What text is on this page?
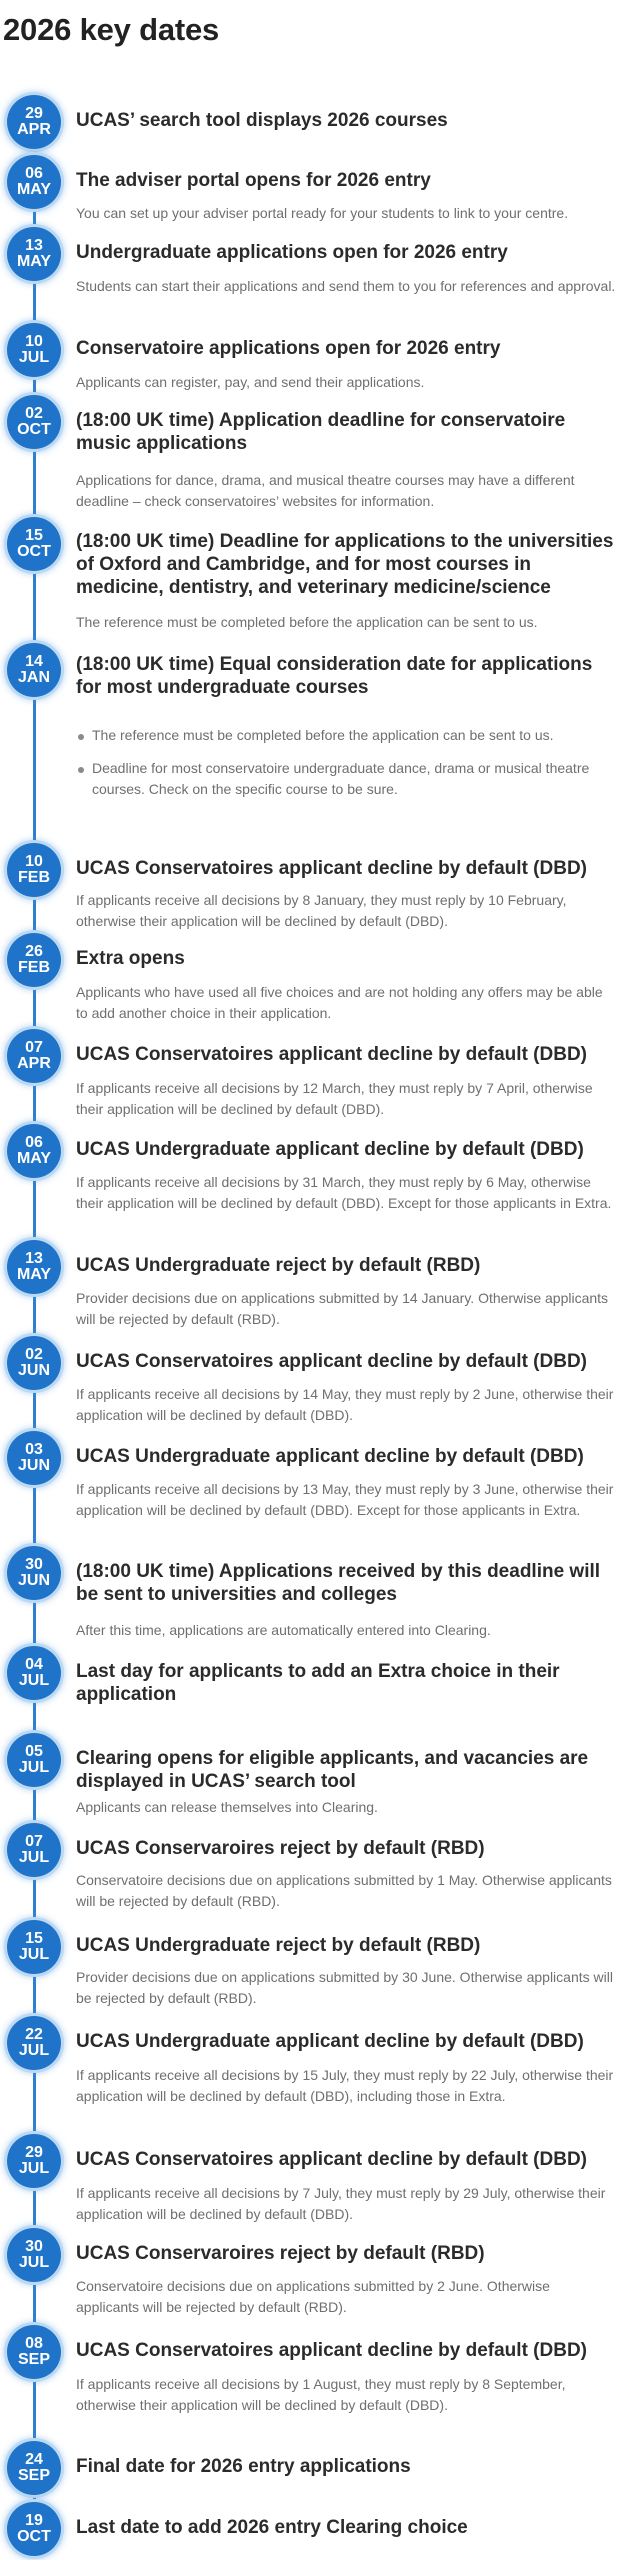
2026 key dates
29
APR UCAS’ search tool displays 2026 courses
06
MAY The adviser portal opens for 2026 entry

You can set up your adviser portal ready for your students to link to your centre.

13
MAY Undergraduate applications open for 2026 entry

Students can start their applications and send them to you for references and approval.

10
JUL Conservatoire applications open for 2026 entry

Applicants can register, pay, and send their applications.

02
OCT (18:00 UK time) Application deadline for conservatoire music applications

Applications for dance, drama, and musical theatre courses may have a different deadline – check conservatoires’ websites for information.

15
OCT (18:00 UK time) Deadline for applications to the universities of Oxford and Cambridge, and for most courses in medicine, dentistry, and veterinary medicine/science

The reference must be completed before the application can be sent to us.

14
JAN
(18:00 UK time) Equal consideration date for applications for most undergraduate courses
The reference must be completed before the application can be sent to us.
Deadline for most conservatoire undergraduate dance, drama or musical theatre courses. Check on the specific course to be sure.
10
FEB UCAS Conservatoires applicant decline by default (DBD)

If applicants receive all decisions by 8 January, they must reply by 10 February, otherwise their application will be declined by default (DBD).

26
FEB Extra opens

Applicants who have used all five choices and are not holding any offers may be able to add another choice in their application.

07
APR UCAS Conservatoires applicant decline by default (DBD)

If applicants receive all decisions by 12 March, they must reply by 7 April, otherwise their application will be declined by default (DBD).

06
MAY UCAS Undergraduate applicant decline by default (DBD)

If applicants receive all decisions by 31 March, they must reply by 6 May, otherwise their application will be declined by default (DBD). Except for those applicants in Extra.

13
MAY UCAS Undergraduate reject by default (RBD)

Provider decisions due on applications submitted by 14 January. Otherwise applicants will be rejected by default (RBD).

02
JUN UCAS Conservatoires applicant decline by default (DBD)

If applicants receive all decisions by 14 May, they must reply by 2 June, otherwise their application will be declined by default (DBD).

03
JUN UCAS Undergraduate applicant decline by default (DBD)

If applicants receive all decisions by 13 May, they must reply by 3 June, otherwise their application will be declined by default (DBD). Except for those applicants in Extra.

30
JUN (18:00 UK time) Applications received by this deadline will be sent to universities and colleges

After this time, applications are automatically entered into Clearing.

04
JUL Last day for applicants to add an Extra choice in their application
05
JUL Clearing opens for eligible applicants, and vacancies are displayed in UCAS’ search tool

Applicants can release themselves into Clearing.

07
JUL UCAS Conservaroires reject by default (RBD)

Conservatoire decisions due on applications submitted by 1 May. Otherwise applicants will be rejected by default (RBD).

15
JUL UCAS Undergraduate reject by default (RBD)

Provider decisions due on applications submitted by 30 June. Otherwise applicants will be rejected by default (RBD).

22
JUL UCAS Undergraduate applicant decline by default (DBD)

If applicants receive all decisions by 15 July, they must reply by 22 July, otherwise their application will be declined by default (DBD), including those in Extra.

29
JUL UCAS Conservatoires applicant decline by default (DBD)

If applicants receive all decisions by 7 July, they must reply by 29 July, otherwise their application will be declined by default (DBD).

30
JUL UCAS Conservaroires reject by default (RBD)

Conservatoire decisions due on applications submitted by 2 June. Otherwise applicants will be rejected by default (RBD).

08
SEP UCAS Conservatoires applicant decline by default (DBD)

If applicants receive all decisions by 1 August, they must reply by 8 September, otherwise their application will be declined by default (DBD).

24
SEP Final date for 2026 entry applications
19
OCT Last date to add 2026 entry Clearing choice
